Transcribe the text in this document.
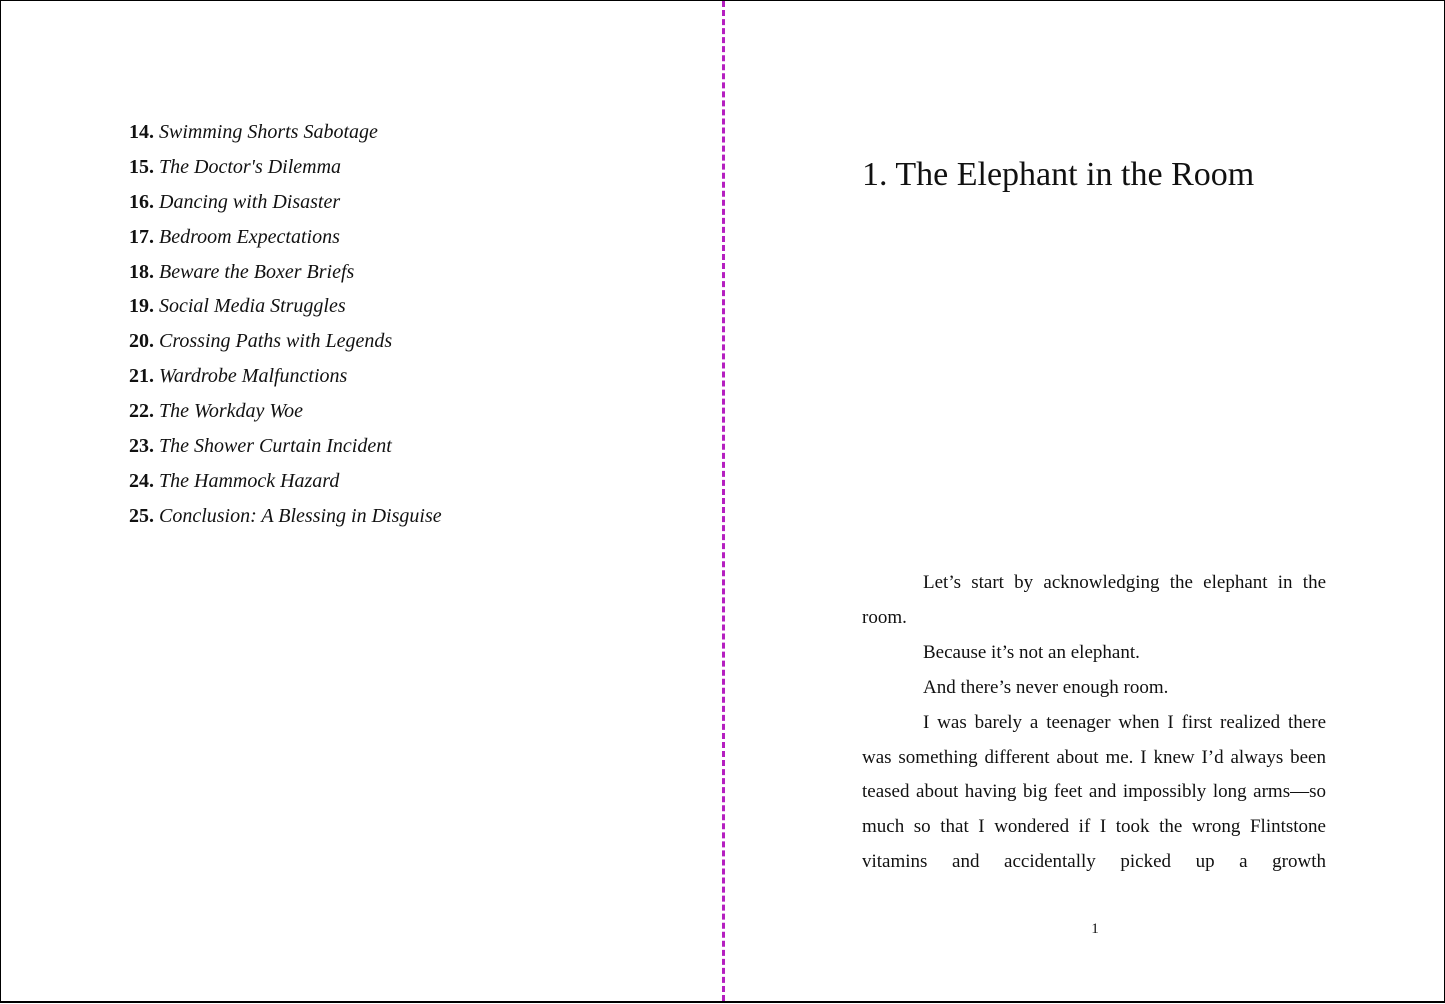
14. Swimming Shorts Sabotage
15. The Doctor's Dilemma
16. Dancing with Disaster
17. Bedroom Expectations
18. Beware the Boxer Briefs
19. Social Media Struggles
20. Crossing Paths with Legends
21. Wardrobe Malfunctions
22. The Workday Woe
23. The Shower Curtain Incident
24. The Hammock Hazard
25. Conclusion: A Blessing in Disguise
1. The Elephant in the Room

Let’s start by acknowledging the elephant in the room.

Because it’s not an elephant.

And there’s never enough room.

I was barely a teenager when I first realized there was something different about me. I knew I’d always been teased about having big feet and impossibly long arms—so much so that I wondered if I took the wrong Flintstone vitamins and accidentally picked up a growth

1
